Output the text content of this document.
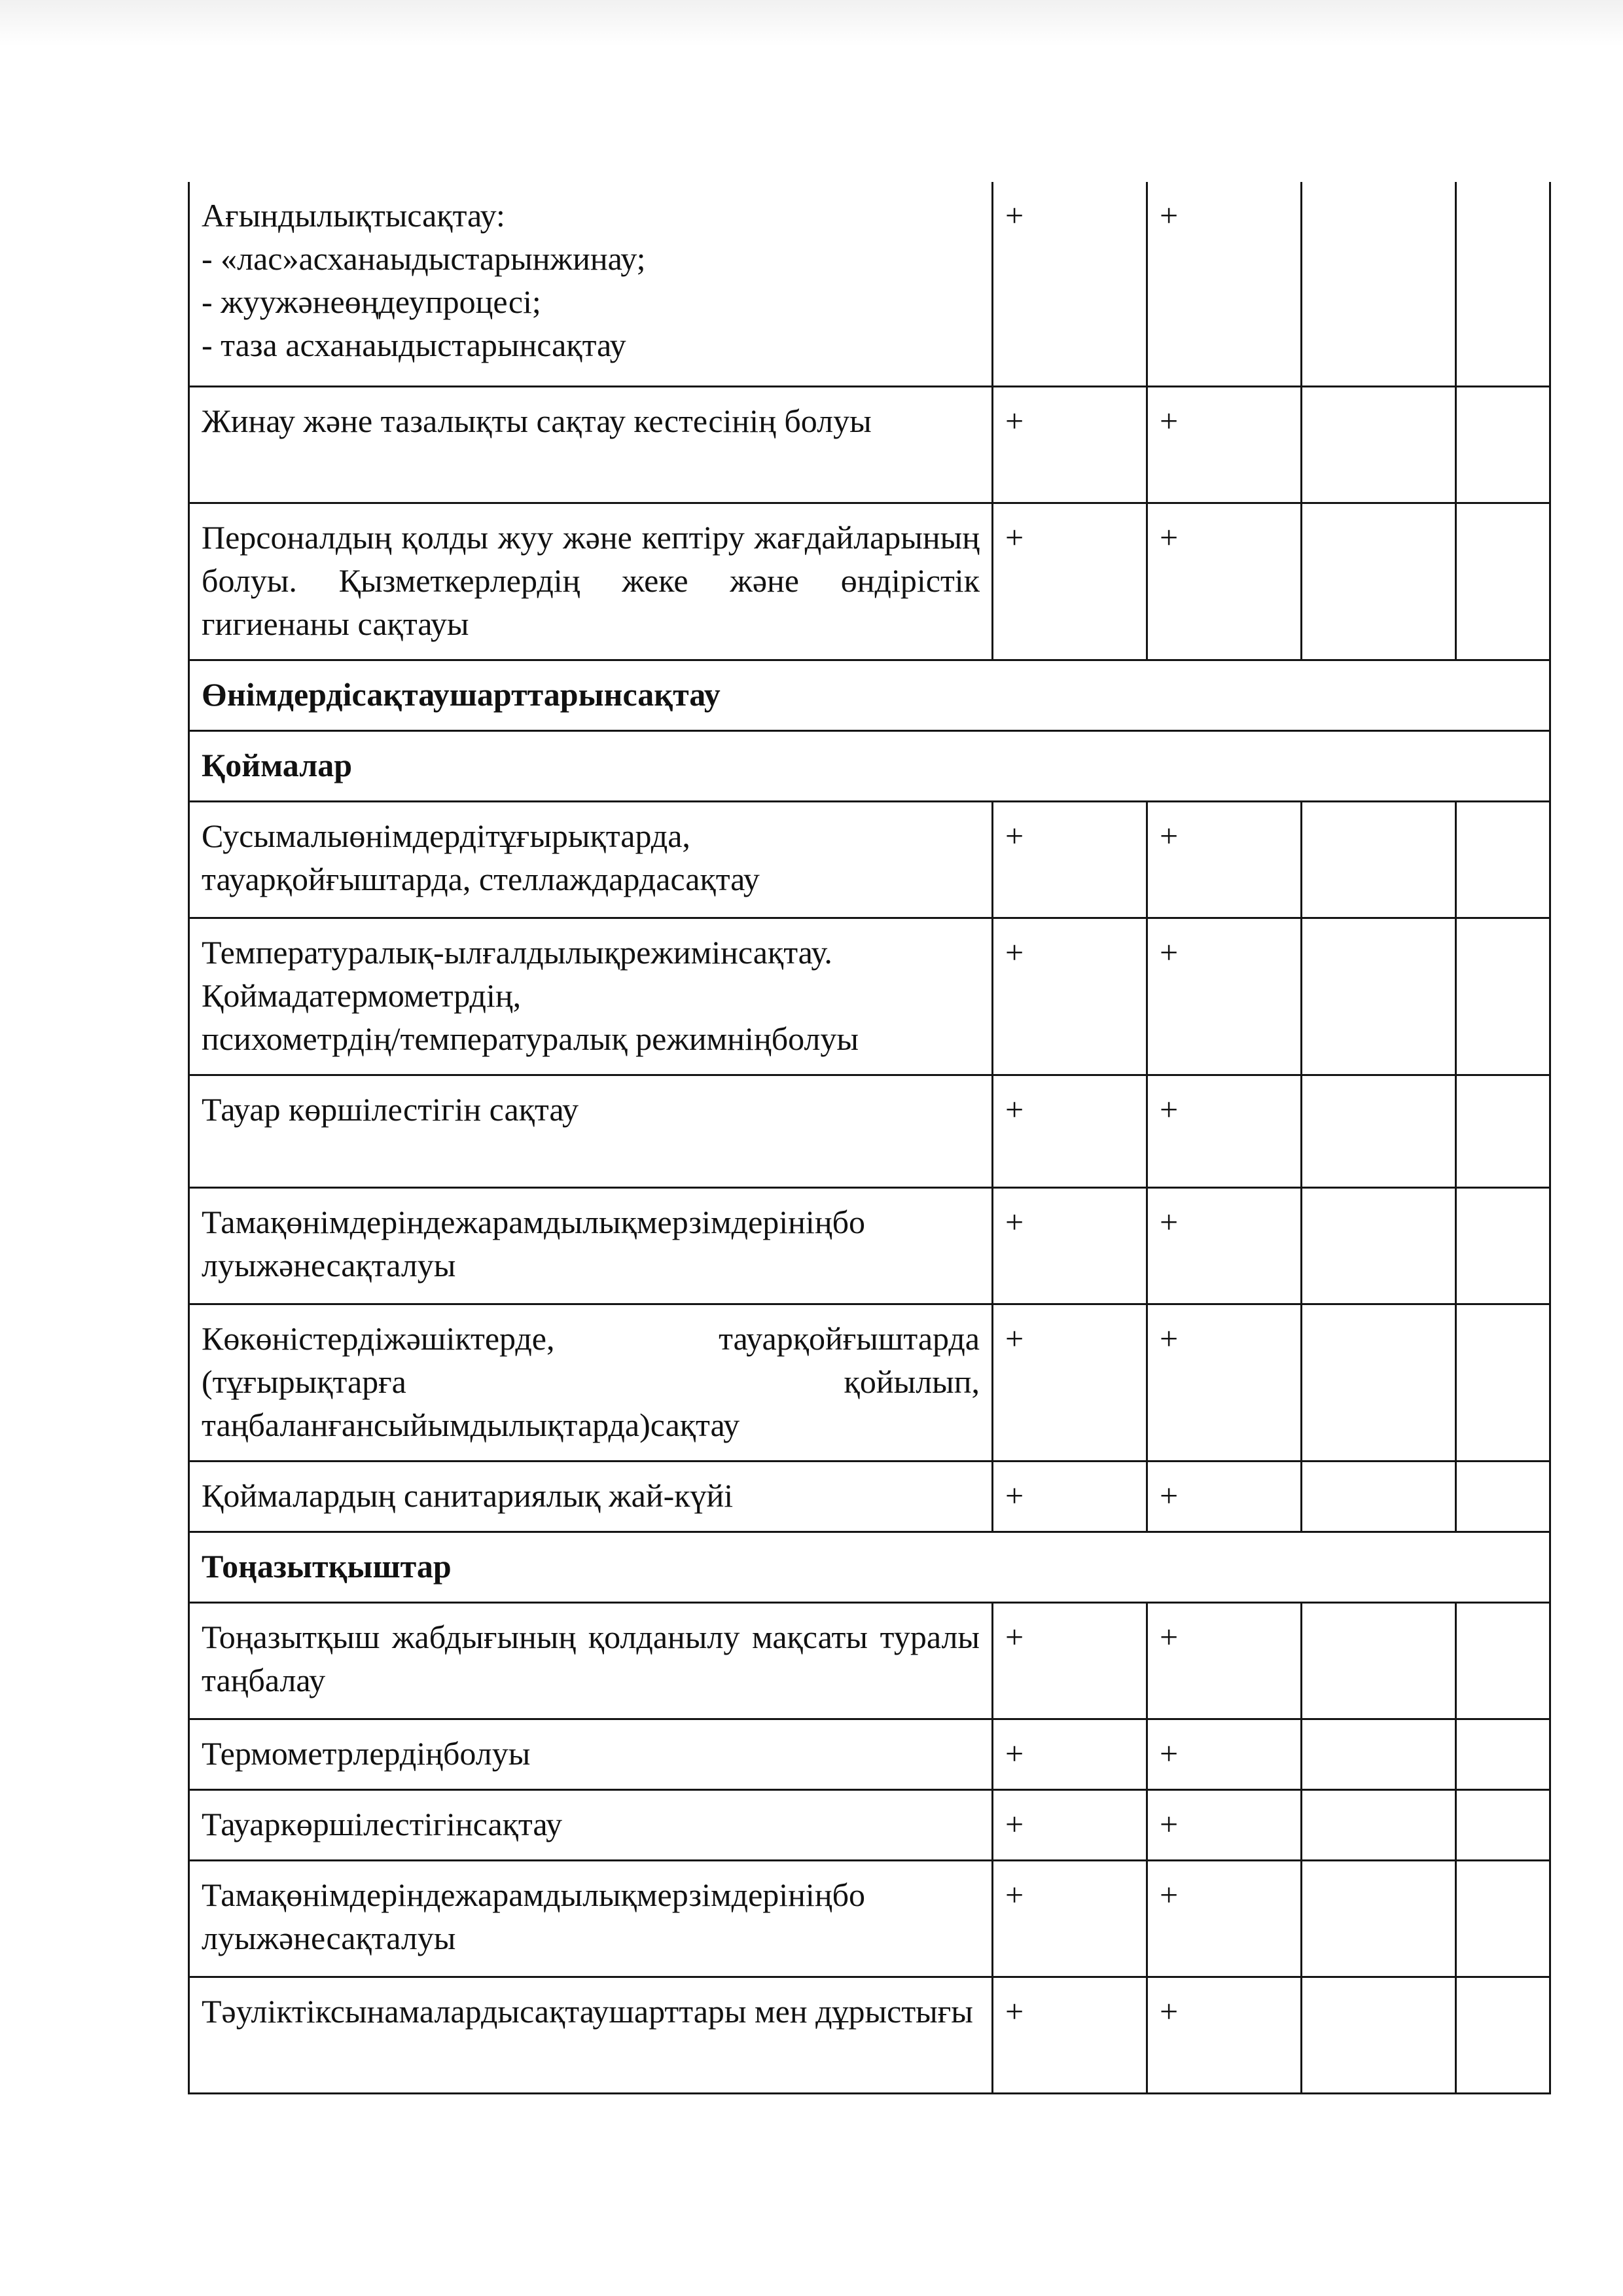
Ағындылықтысақтау:
- «лас»асханаыдыстарынжинау;
- жуужәнеөңдеупроцесі;
- таза асханаыдыстарынсақтау	+	+		
Жинау және тазалықты сақтау кестесінің болуы	+	+		
Персоналдың қолды жуу және кептіру жағдайларының болуы. Қызметкерлердің жеке және өндірістік гигиенаны сақтауы	+	+		
Өнімдердісақтаушарттарынсақтау				
Қоймалар				

Сусымалыөнімдердітұғырықтарда,
тауарқойғыштарда, стеллаждардасақтау	+	+		

Температуралық-ылғалдылықрежимінсақтау.
Қоймадатермометрдің,
психометрдің/температуралық режимніңболуы	+	+		
Тауар көршілестігін сақтау	+	+		

Тамақөнімдеріндежарамдылықмерзімдерініңбо
луыжәнесақталуы	+	+		
Көкөністердіжәшіктерде, тауарқойғыштарда (тұғырықтарға қойылып, таңбаланғансыйымдылықтарда)сақтау	+	+		
Қоймалардың санитариялық жай-күйі	+	+		
Тоңазытқыштар				
Тоңазытқыш жабдығының қолданылу мақсаты туралы таңбалау	+	+		
Термометрлердіңболуы	+	+		
Тауаркөршілестігінсақтау	+	+		

Тамақөнімдеріндежарамдылықмерзімдерініңбо
луыжәнесақталуы	+	+		
Тәуліктіксынамалардысақтаушарттары мен дұрыстығы	+	+		
